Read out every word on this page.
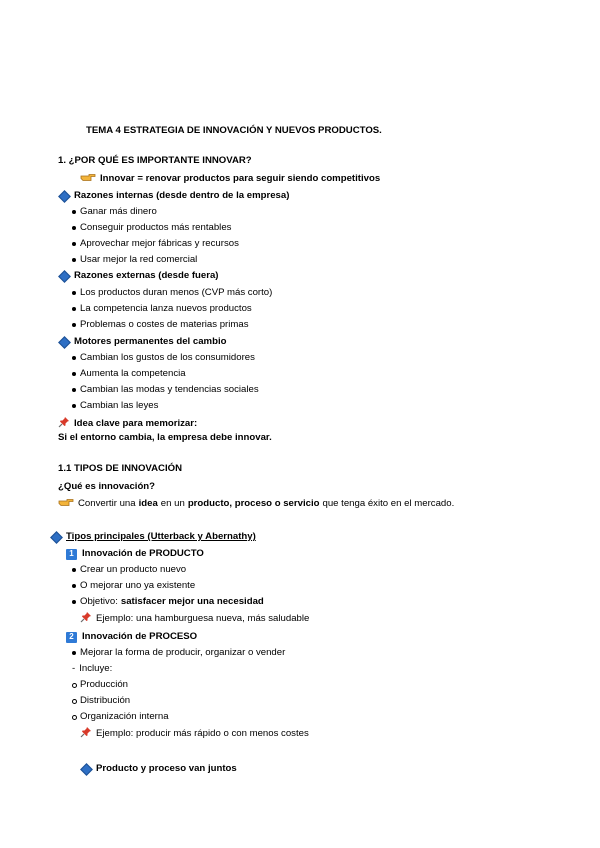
TEMA 4 ESTRATEGIA DE INNOVACIÓN Y NUEVOS PRODUCTOS.
1. ¿POR QUÉ ES IMPORTANTE INNOVAR?
Innovar = renovar productos para seguir siendo competitivos
Razones internas (desde dentro de la empresa)
Ganar más dinero
Conseguir productos más rentables
Aprovechar mejor fábricas y recursos
Usar mejor la red comercial
Razones externas (desde fuera)
Los productos duran menos (CVP más corto)
La competencia lanza nuevos productos
Problemas o costes de materias primas
Motores permanentes del cambio
Cambian los gustos de los consumidores
Aumenta la competencia
Cambian las modas y tendencias sociales
Cambian las leyes
Idea clave para memorizar:
Si el entorno cambia, la empresa debe innovar.
1.1 TIPOS DE INNOVACIÓN
¿Qué es innovación?
Convertir una idea en un producto, proceso o servicio que tenga éxito en el mercado.
Tipos principales (Utterback y Abernathy)
1 Innovación de PRODUCTO
Crear un producto nuevo
O mejorar uno ya existente
Objetivo: satisfacer mejor una necesidad
Ejemplo: una hamburguesa nueva, más saludable
2 Innovación de PROCESO
Mejorar la forma de producir, organizar o vender
- Incluye:
Producción
Distribución
Organización interna
Ejemplo: producir más rápido o con menos costes
Producto y proceso van juntos
